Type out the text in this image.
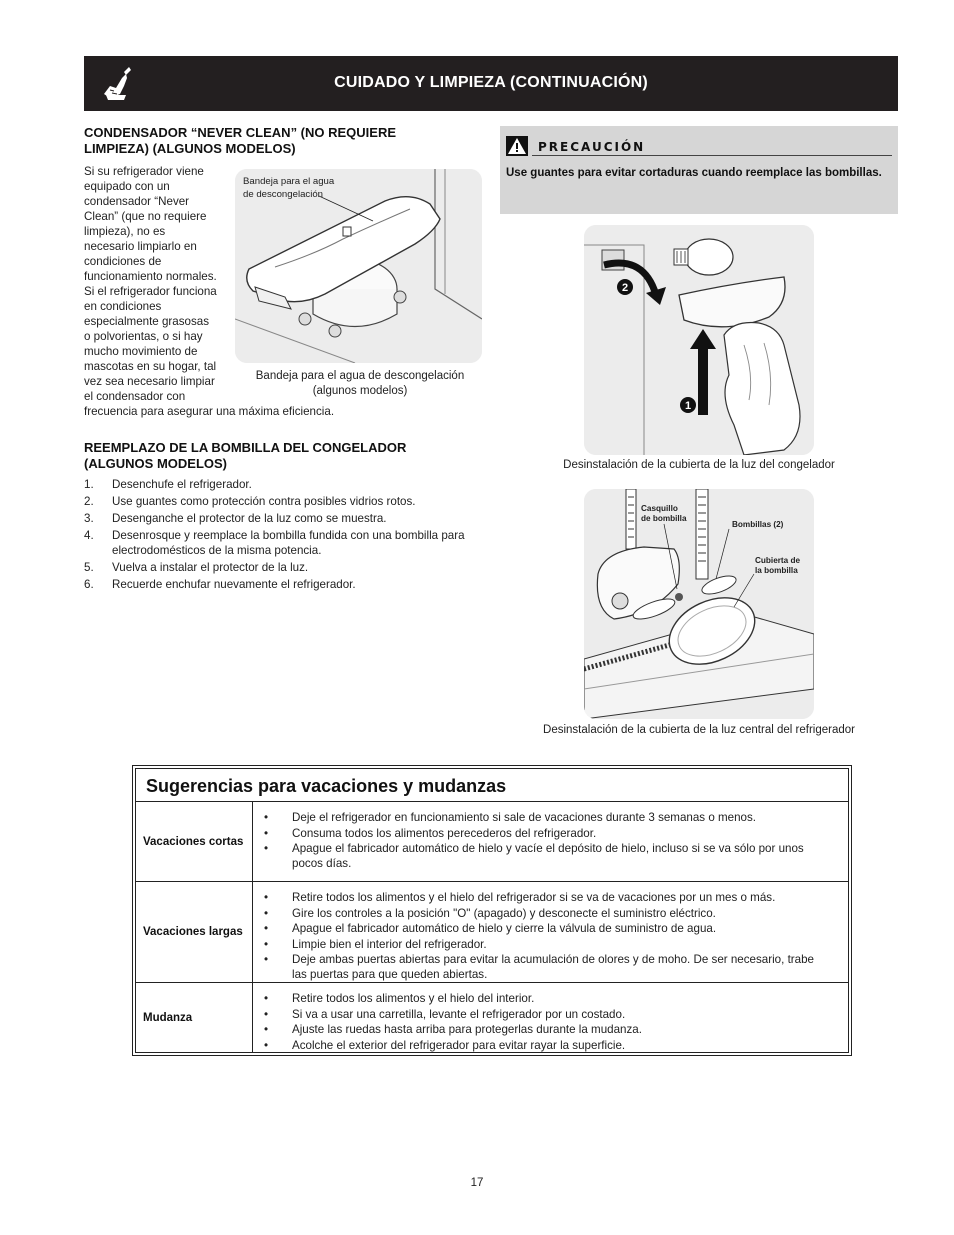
CUIDADO Y LIMPIEZA (CONTINUACIÓN)
CONDENSADOR “NEVER CLEAN” (NO REQUIERE LIMPIEZA) (ALGUNOS MODELOS)
Si su refrigerador viene
equipado con un
condensador “Never
Clean” (que no requiere
limpieza), no es
necesario limpiarlo en
condiciones de
funcionamiento normales.
Si el refrigerador funciona
en condiciones
especialmente grasosas
o polvorientas, o si hay
mucho movimiento de
mascotas en su hogar, tal
vez sea necesario limpiar
el condensador con
frecuencia para asegurar una máxima eficiencia.
Bandeja para el agua
de descongelación
Bandeja para el agua de descongelación (algunos modelos)
PRECAUCIÓN
Use guantes para evitar cortaduras cuando reemplace las bombillas.
2
1
Desinstalación de la cubierta de la luz del congelador
Casquillo
de bombilla
Bombillas (2)
Cubierta de
la bombilla
Desinstalación de la cubierta de la luz central del refrigerador
REEMPLAZO DE LA BOMBILLA DEL CONGELADOR (ALGUNOS MODELOS)
1. Desenchufe el refrigerador.
2. Use guantes como protección contra posibles vidrios rotos.
3. Desenganche el protector de la luz como se muestra.
4. Desenrosque y reemplace la bombilla fundida con una bombilla para electrodomésticos de la misma potencia.
5. Vuelva a instalar el protector de la luz.
6. Recuerde enchufar nuevamente el refrigerador.
Sugerencias para vacaciones y mudanzas
Vacaciones cortas
• Deje el refrigerador en funcionamiento si sale de vacaciones durante 3 semanas o menos.
• Consuma todos los alimentos perecederos del refrigerador.
• Apague el fabricador automático de hielo y vacíe el depósito de hielo, incluso si se va sólo por unos pocos días.
Vacaciones largas
• Retire todos los alimentos y el hielo del refrigerador si se va de vacaciones por un mes o más.
• Gire los controles a la posición "O" (apagado) y desconecte el suministro eléctrico.
• Apague el fabricador automático de hielo y cierre la válvula de suministro de agua.
• Limpie bien el interior del refrigerador.
• Deje ambas puertas abiertas para evitar la acumulación de olores y de moho. De ser necesario, trabe las puertas para que queden abiertas.
Mudanza
• Retire todos los alimentos y el hielo del interior.
• Si va a usar una carretilla, levante el refrigerador por un costado.
• Ajuste las ruedas hasta arriba para protegerlas durante la mudanza.
• Acolche el exterior del refrigerador para evitar rayar la superficie.
17
